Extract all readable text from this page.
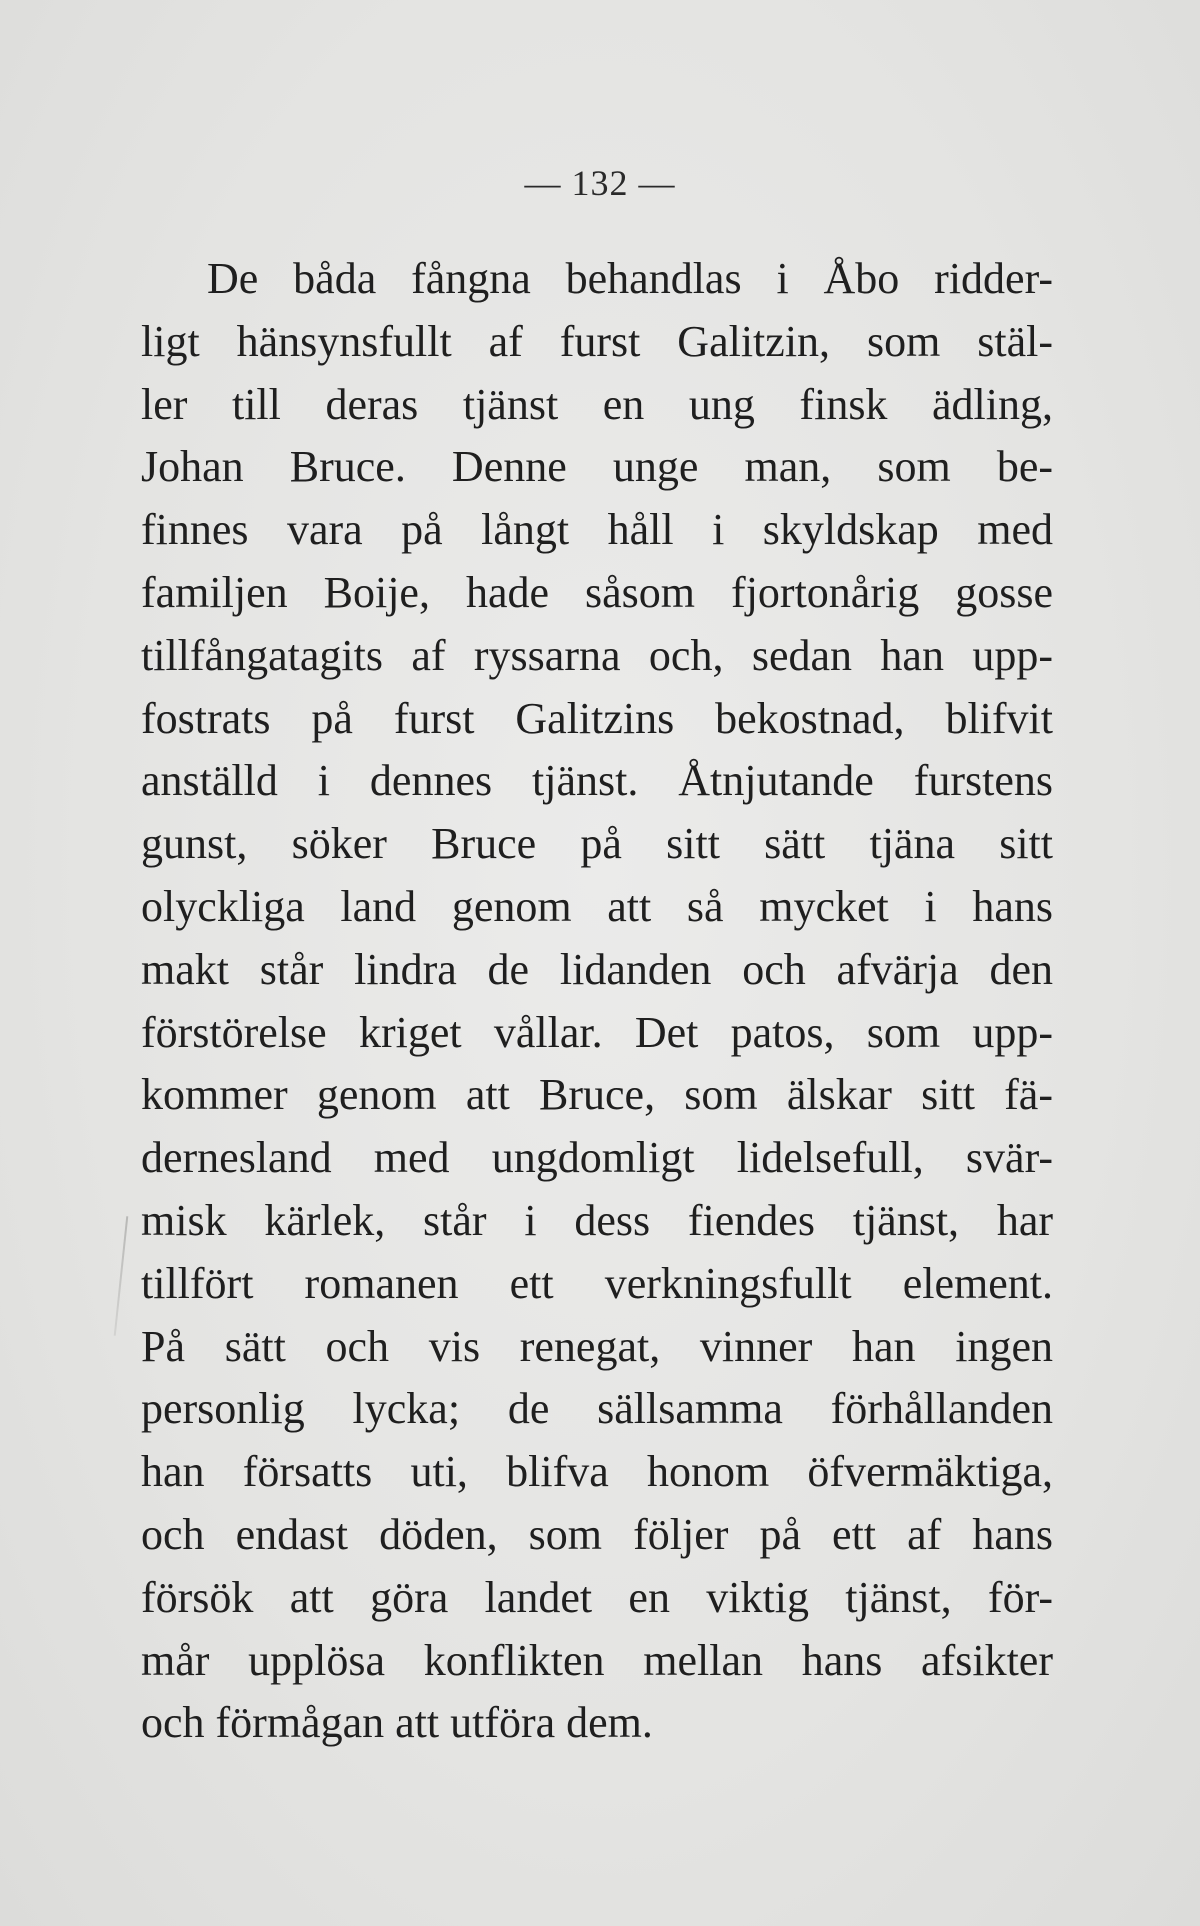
— 132 —
De båda fångna behandlas i Åbo ridder-
ligt hänsynsfullt af furst Galitzin, som stäl-
ler till deras tjänst en ung finsk ädling,
Johan Bruce. Denne unge man, som be-
finnes vara på långt håll i skyldskap med
familjen Boije, hade såsom fjortonårig gosse
tillfångatagits af ryssarna och, sedan han upp-
fostrats på furst Galitzins bekostnad, blifvit
anställd i dennes tjänst. Åtnjutande furstens
gunst, söker Bruce på sitt sätt tjäna sitt
olyckliga land genom att så mycket i hans
makt står lindra de lidanden och afvärja den
förstörelse kriget vållar. Det patos, som upp-
kommer genom att Bruce, som älskar sitt fä-
dernesland med ungdomligt lidelsefull, svär-
misk kärlek, står i dess fiendes tjänst, har
tillfört romanen ett verkningsfullt element.
På sätt och vis renegat, vinner han ingen
personlig lycka; de sällsamma förhållanden
han försatts uti, blifva honom öfvermäktiga,
och endast döden, som följer på ett af hans
försök att göra landet en viktig tjänst, för-
mår upplösa konflikten mellan hans afsikter
och förmågan att utföra dem.
